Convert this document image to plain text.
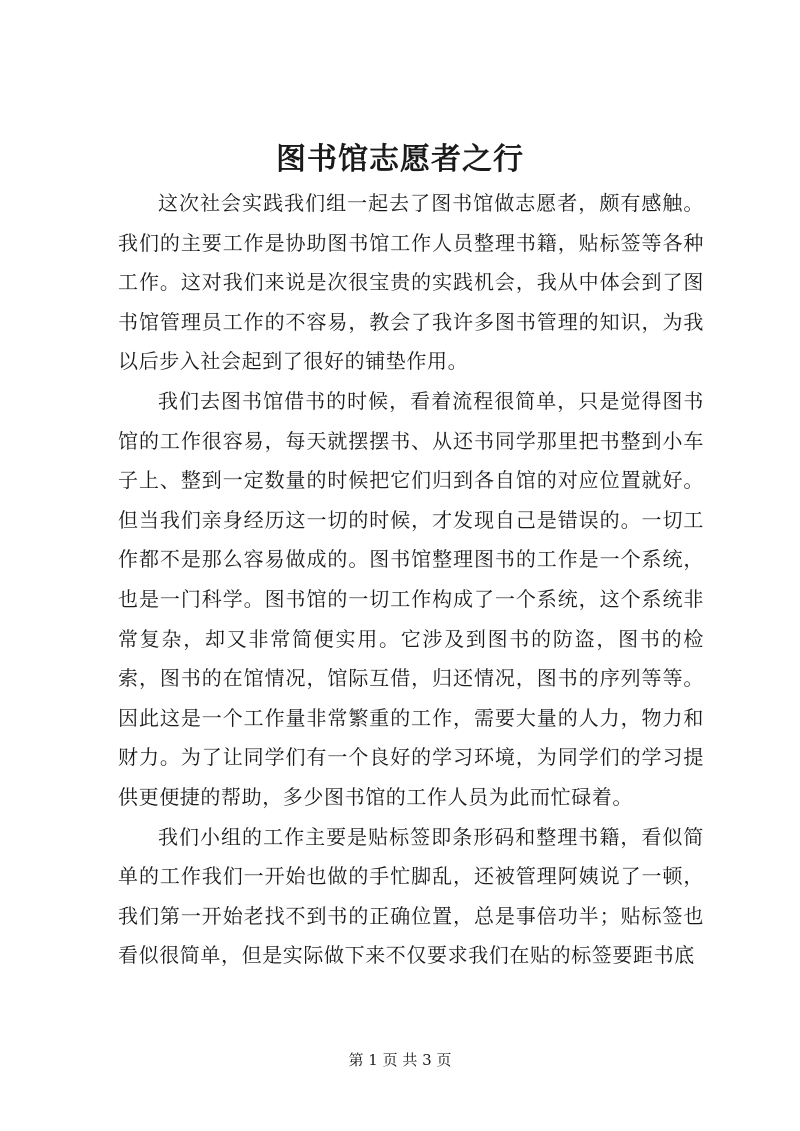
图书馆志愿者之行

这次社会实践我们组一起去了图书馆做志愿者，颇有感触。我们的主要工作是协助图书馆工作人员整理书籍，贴标签等各种工作。这对我们来说是次很宝贵的实践机会，我从中体会到了图书馆管理员工作的不容易，教会了我许多图书管理的知识，为我以后步入社会起到了很好的铺垫作用。

我们去图书馆借书的时候，看着流程很简单，只是觉得图书馆的工作很容易，每天就摆摆书、从还书同学那里把书整到小车子上、整到一定数量的时候把它们归到各自馆的对应位置就好。但当我们亲身经历这一切的时候，才发现自己是错误的。一切工作都不是那么容易做成的。图书馆整理图书的工作是一个系统，也是一门科学。图书馆的一切工作构成了一个系统，这个系统非常复杂，却又非常简便实用。它涉及到图书的防盗，图书的检索，图书的在馆情况，馆际互借，归还情况，图书的序列等等。因此这是一个工作量非常繁重的工作，需要大量的人力，物力和财力。为了让同学们有一个良好的学习环境，为同学们的学习提供更便捷的帮助，多少图书馆的工作人员为此而忙碌着。

我们小组的工作主要是贴标签即条形码和整理书籍，看似简单的工作我们一开始也做的手忙脚乱，还被管理阿姨说了一顿，我们第一开始老找不到书的正确位置，总是事倍功半；贴标签也看似很简单，但是实际做下来不仅要求我们在贴的标签要距书底

第 1 页 共 3 页
